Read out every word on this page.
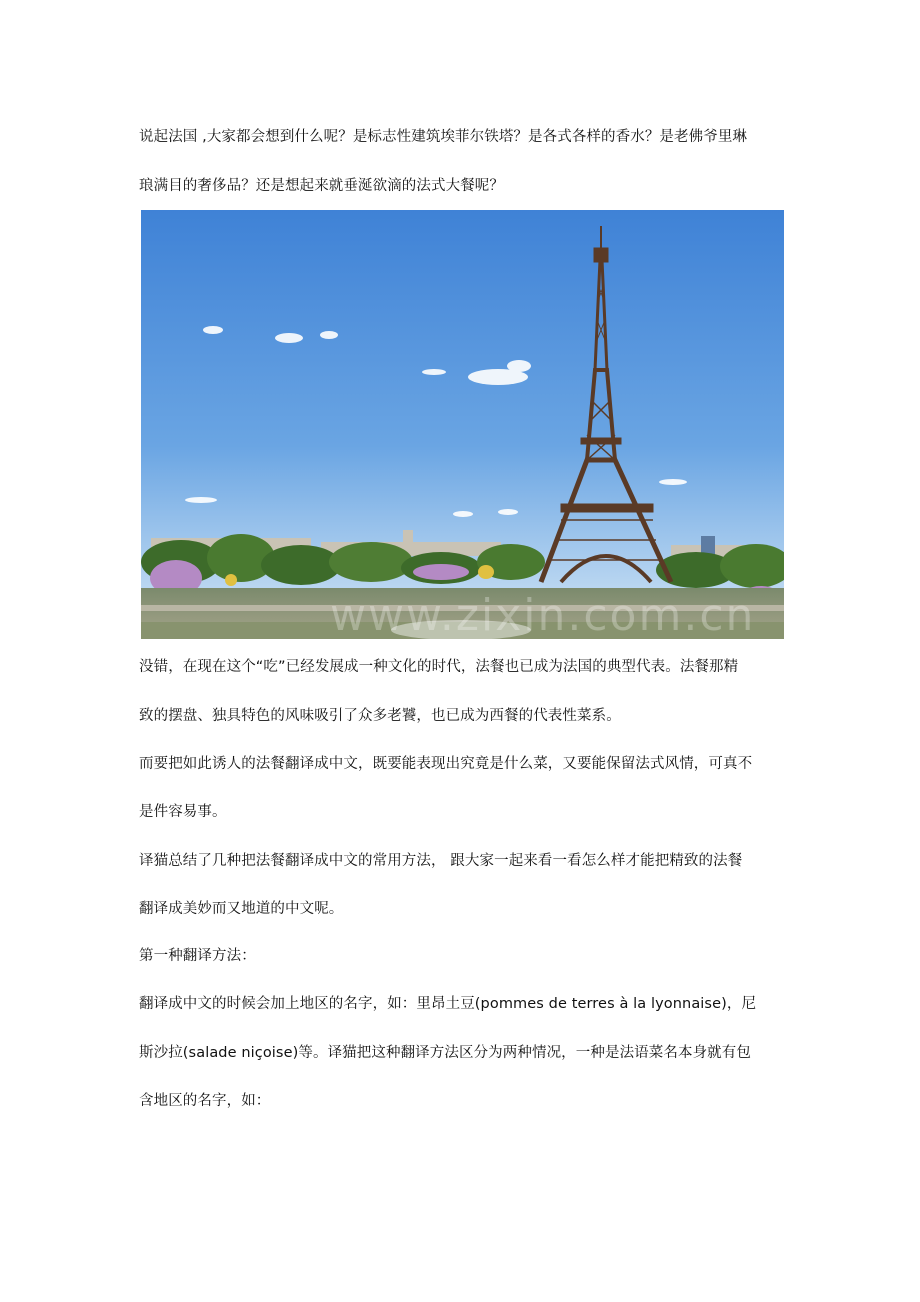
说起法国 ,大家都会想到什么呢？是标志性建筑埃菲尔铁塔？是各式各样的香水？是老佛爷里琳
琅满目的奢侈品？还是想起来就垂涎欲滴的法式大餐呢？
www.zixin.com.cn
没错，在现在这个“吃”已经发展成一种文化的时代，法餐也已成为法国的典型代表。法餐那精
致的摆盘、独具特色的风味吸引了众多老饕，也已成为西餐的代表性菜系。
而要把如此诱人的法餐翻译成中文，既要能表现出究竟是什么菜，又要能保留法式风情，可真不
是件容易事。
译猫总结了几种把法餐翻译成中文的常用方法， 跟大家一起来看一看怎么样才能把精致的法餐
翻译成美妙而又地道的中文呢。
第一种翻译方法：
翻译成中文的时候会加上地区的名字，如：里昂土豆(pommes de terres à la lyonnaise)，尼
斯沙拉(salade niçoise)等。译猫把这种翻译方法区分为两种情况，一种是法语菜名本身就有包
含地区的名字，如：
